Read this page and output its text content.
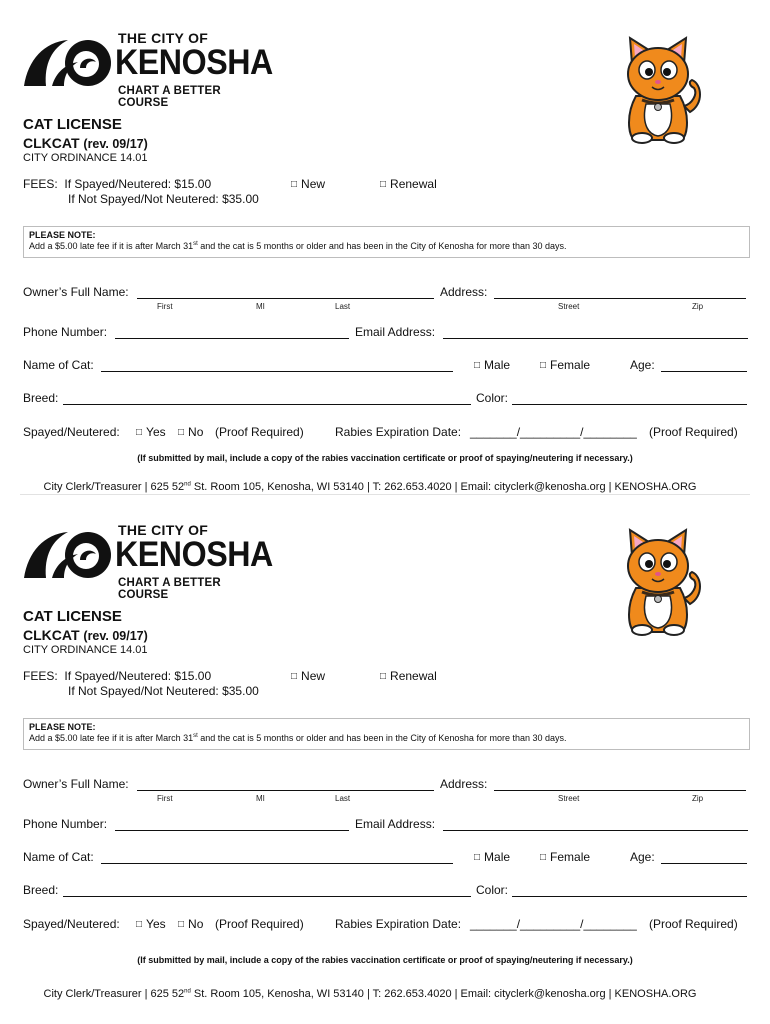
THE CITY OF
KENOSHA
CHART A BETTER COURSE
CAT LICENSE
CLKCAT (rev. 09/17)
CITY ORDINANCE 14.01
FEES: If Spayed/Neutered: $15.00
If Not Spayed/Not Neutered: $35.00
□ New	□ Renewal
PLEASE NOTE:
Add a $5.00 late fee if it is after March 31st and the cat is 5 months or older and has been in the City of Kenosha for more than 30 days.
Owner’s Full Name:	Address:
First	MI	Last	Street	Zip
Phone Number:	Email Address:
Name of Cat:	□ Male	□ Female	Age:
Breed:	Color:
Spayed/Neutered: □ Yes □ No (Proof Required)	Rabies Expiration Date: _______/_________/________ (Proof Required)
(If submitted by mail, include a copy of the rabies vaccination certificate or proof of spaying/neutering if necessary.)
City Clerk/Treasurer | 625 52nd St. Room 105, Kenosha, WI 53140 | T: 262.653.4020 | Email: cityclerk@kenosha.org | KENOSHA.ORG
THE CITY OF
KENOSHA
CHART A BETTER COURSE
CAT LICENSE
CLKCAT (rev. 09/17)
CITY ORDINANCE 14.01
FEES: If Spayed/Neutered: $15.00
If Not Spayed/Not Neutered: $35.00
□ New	□ Renewal
PLEASE NOTE:
Add a $5.00 late fee if it is after March 31st and the cat is 5 months or older and has been in the City of Kenosha for more than 30 days.
Owner’s Full Name:	Address:
First	MI	Last	Street	Zip
Phone Number:	Email Address:
Name of Cat:	□ Male	□ Female	Age:
Breed:	Color:
Spayed/Neutered: □ Yes □ No (Proof Required)	Rabies Expiration Date: _______/_________/________ (Proof Required)
(If submitted by mail, include a copy of the rabies vaccination certificate or proof of spaying/neutering if necessary.)
City Clerk/Treasurer | 625 52nd St. Room 105, Kenosha, WI 53140 | T: 262.653.4020 | Email: cityclerk@kenosha.org | KENOSHA.ORG
